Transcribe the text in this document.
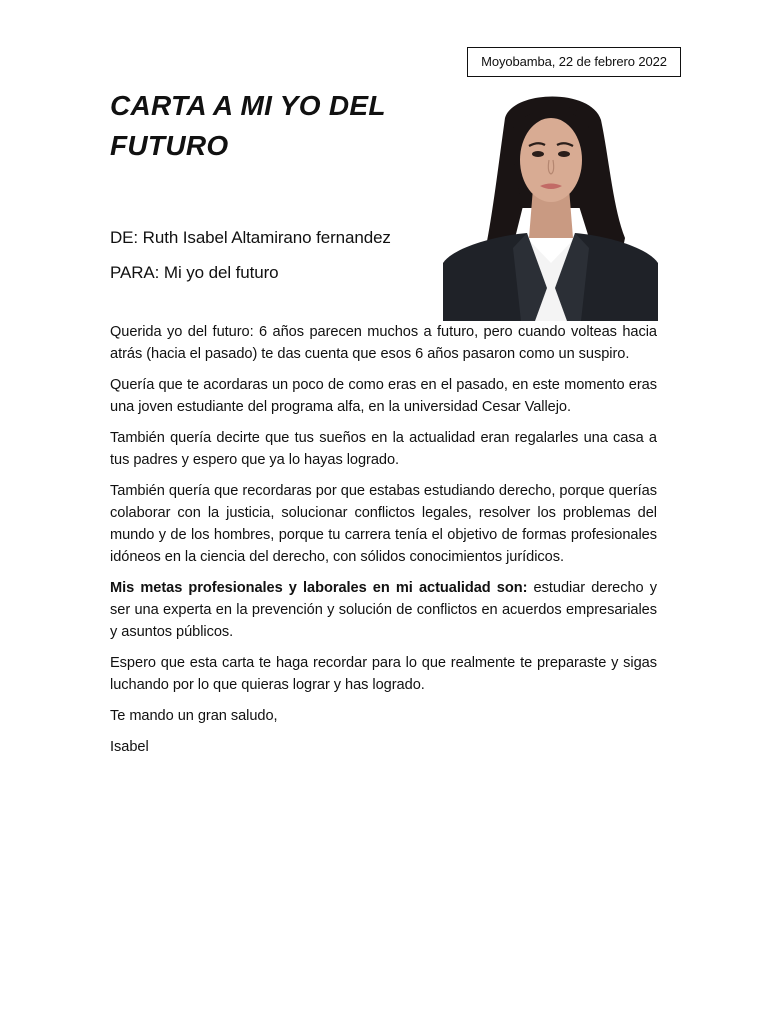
Moyobamba, 22 de febrero 2022
CARTA A MI YO DEL FUTURO
DE: Ruth Isabel Altamirano fernandez
PARA: Mi yo del futuro

Querida yo del futuro: 6 años parecen muchos a futuro, pero cuando volteas hacia atrás (hacia el pasado) te das cuenta que esos 6 años pasaron como un suspiro.

Quería que te acordaras un poco de como eras en el pasado, en este momento eras una joven estudiante del programa alfa, en la universidad Cesar Vallejo.

También quería decirte que tus sueños en la actualidad eran regalarles una casa a tus padres y espero que ya lo hayas logrado.

También quería que recordaras por que estabas estudiando derecho, porque querías colaborar con la justicia, solucionar conflictos legales, resolver los problemas del mundo y de los hombres, porque tu carrera tenía el objetivo de formas profesionales idóneos en la ciencia del derecho, con sólidos conocimientos jurídicos.

Mis metas profesionales y laborales en mi actualidad son: estudiar derecho y ser una experta en la prevención y solución de conflictos en acuerdos empresariales y asuntos públicos.

Espero que esta carta te haga recordar para lo que realmente te preparaste y sigas luchando por lo que quieras lograr y has logrado.

Te mando un gran saludo,

Isabel
